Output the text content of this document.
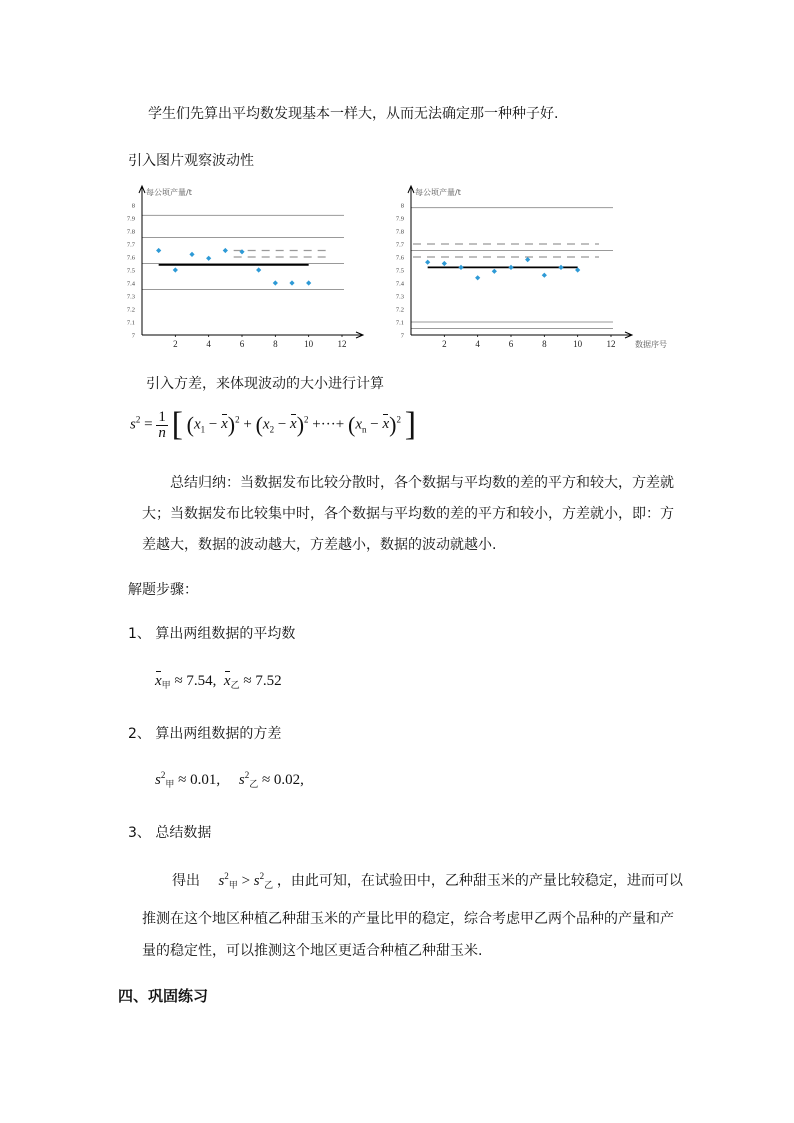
学生们先算出平均数发现基本一样大，从而无法确定那一种种子好.
引入图片观察波动性
7
7.1
7.2
7.3
7.4
7.5
7.6
7.7
7.8
7.9
8
2	4	6	8	10	12
每公顷产量/t
7
7.1
7.2
7.3
7.4
7.5
7.6
7.7
7.8
7.9
8
2	4	6	8	10	12
每公顷产量/t
数据序号
引入方差，来体现波动的大小进行计算
$s^2 = \frac{1}{n}$ [ $(x_1 - x)^2 + (x_2 - x)^2$ +···+ $(x_n - x)^2$ ]
总结归纳：当数据发布比较分散时，各个数据与平均数的差的平方和较大，方差就
大；当数据发布比较集中时，各个数据与平均数的差的平方和较小，方差就小，即：方
差越大，数据的波动越大，方差越小，数据的波动就越小.
解题步骤：
1、 算出两组数据的平均数
$x_甲 \approx 7.54$, $x_乙 \approx 7.52$
2、 算出两组数据的方差
$s^2_甲 \approx 0.01$, $s^2_乙 \approx 0.02$,
3、 总结数据
得出 $s^2_甲 > s^2_乙$ ，由此可知，在试验田中，乙种甜玉米的产量比较稳定，进而可以
推测在这个地区种植乙种甜玉米的产量比甲的稳定，综合考虑甲乙两个品种的产量和产
量的稳定性，可以推测这个地区更适合种植乙种甜玉米.
四、巩固练习
